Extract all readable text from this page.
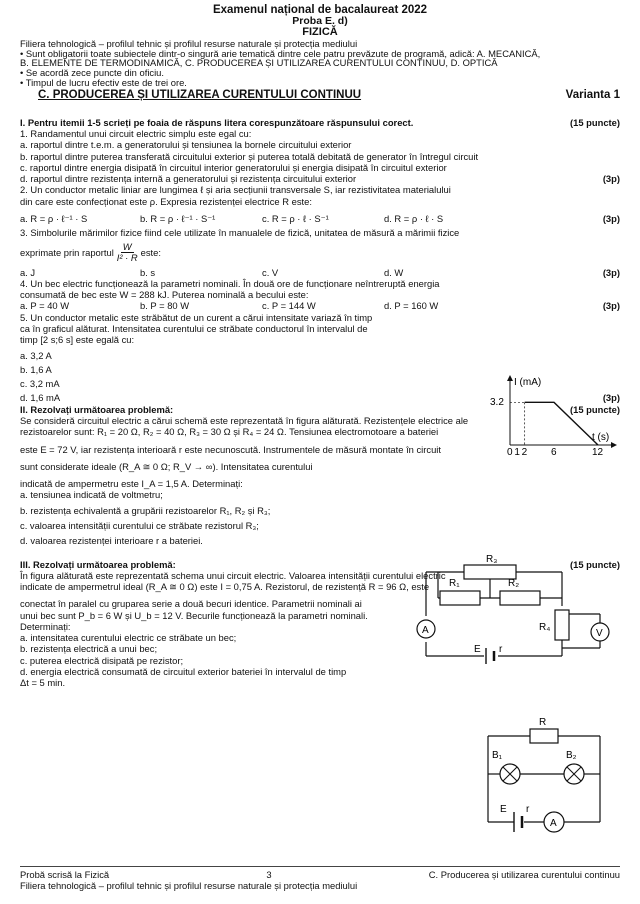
Examenul național de bacalaureat 2022
Proba E. d)
FIZICĂ
Filiera tehnologică – profilul tehnic și profilul resurse naturale și protecția mediului
• Sunt obligatorii toate subiectele dintr-o singură arie tematică dintre cele patru prevăzute de programă, adică: A. MECANICĂ,
B. ELEMENTE DE TERMODINAMICĂ, C. PRODUCEREA ȘI UTILIZAREA CURENTULUI CONTINUU, D. OPTICĂ
• Se acordă zece puncte din oficiu.
• Timpul de lucru efectiv este de trei ore.
C. PRODUCEREA ȘI UTILIZAREA CURENTULUI CONTINUU	Varianta 1
I. Pentru itemii 1-5 scrieți pe foaia de răspuns litera corespunzătoare răspunsului corect.	(15 puncte)
1. Randamentul unui circuit electric simplu este egal cu:
a. raportul dintre t.e.m. a generatorului și tensiunea la bornele circuitului exterior
b. raportul dintre puterea transferată circuitului exterior și puterea totală debitată de generator în întregul circuit
c. raportul dintre energia disipată în circuitul interior generatorului și energia disipată în circuitul exterior
d. raportul dintre rezistența internă a generatorului și rezistența circuitului exterior	(3p)
2. Un conductor metalic liniar are lungimea ℓ și aria secțiunii transversale S, iar rezistivitatea materialului
din care este confecționat este ρ. Expresia rezistenței electrice R este:
a. R = ρ · ℓ⁻¹ · S	b. R = ρ · ℓ⁻¹ · S⁻¹	c. R = ρ · ℓ · S⁻¹	d. R = ρ · ℓ · S	(3p)
3. Simbolurile mărimilor fizice fiind cele utilizate în manualele de fizică, unitatea de măsură a mărimii fizice
exprimate prin raportul $\frac{W}{\text{I² · R}}$ este:
a. J	b. s	c. V	d. W	(3p)
4. Un bec electric funcționează la parametri nominali. În două ore de funcționare neîntreruptă energia
consumată de bec este W = 288 kJ. Puterea nominală a becului este:
a. P = 40 W	b. P = 80 W	c. P = 144 W	d. P = 160 W	(3p)
5. Un conductor metalic este străbătut de un curent a cărui intensitate variază în timp
ca în graficul alăturat. Intensitatea curentului ce străbate conductorul în intervalul de
timp [2 s;6 s] este egală cu:
a. 3,2 A
b. 1,6 A
c. 3,2 mA
d. 1,6 mA	(3p)
II. Rezolvați următoarea problemă:	(15 puncte)
Se consideră circuitul electric a cărui schemă este reprezentată în figura alăturată. Rezistențele electrice ale
rezistoarelor sunt: R₁ = 20 Ω, R₂ = 40 Ω, R₃ = 30 Ω și R₄ = 24 Ω. Tensiunea electromotoare a bateriei
este E = 72 V, iar rezistența interioară r este necunoscută. Instrumentele de măsură montate în circuit
sunt considerate ideale (R_A ≅ 0 Ω; R_V → ∞). Intensitatea curentului
indicată de ampermetru este I_A = 1,5 A. Determinați:
a. tensiunea indicată de voltmetru;
b. rezistența echivalentă a grupării rezistoarelor R₁, R₂ și R₃;
c. valoarea intensității curentului ce străbate rezistorul R₃;
d. valoarea rezistenței interioare r a bateriei.
III. Rezolvați următoarea problemă:	(15 puncte)
În figura alăturată este reprezentată schema unui circuit electric. Valoarea intensității curentului electric
indicate de ampermetrul ideal (R_A ≅ 0 Ω) este I = 0,75 A. Rezistorul, de rezistență R = 96 Ω, este
conectat în paralel cu gruparea serie a două becuri identice. Parametrii nominali ai
unui bec sunt P_b = 6 W și U_b = 12 V. Becurile funcționează la parametri nominali.
Determinați:
a. intensitatea curentului electric ce străbate un bec;
b. rezistența electrică a unui bec;
c. puterea electrică disipată pe rezistor;
d. energia electrică consumată de circuitul exterior bateriei în intervalul de timp
Δt = 5 min.
I (mA)
t (s)
3.2
0 1 2 6	12
R₃
R₁	R₂
R₄
A	V
E r
R
B₁	B₂
E r
A
Probă scrisă la Fizică	3	C. Producerea și utilizarea curentului continuu
Filiera tehnologică – profilul tehnic și profilul resurse naturale și protecția mediului
